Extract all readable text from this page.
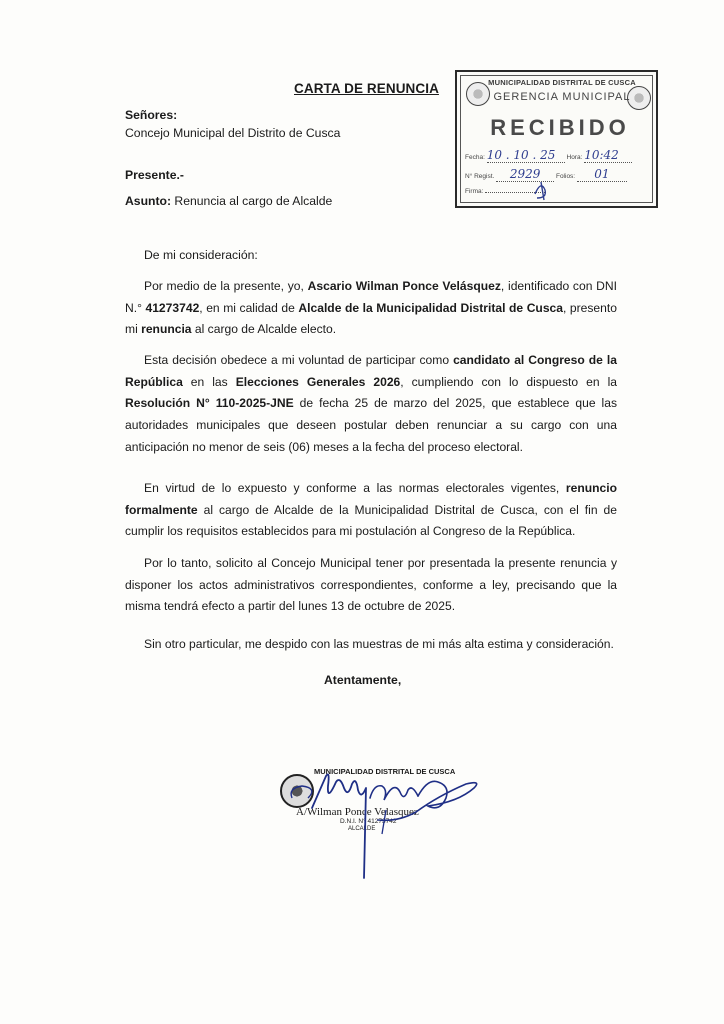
CARTA DE RENUNCIA
Señores:
Concejo Municipal del Distrito de Cusca
Presente.-
Asunto: Renuncia al cargo de Alcalde
De mi consideración:
Por medio de la presente, yo, Ascario Wilman Ponce Velásquez, identificado con DNI N.° 41273742, en mi calidad de Alcalde de la Municipalidad Distrital de Cusca, presento mi renuncia al cargo de Alcalde electo.
Esta decisión obedece a mi voluntad de participar como candidato al Congreso de la República en las Elecciones Generales 2026, cumpliendo con lo dispuesto en la Resolución N° 110-2025-JNE de fecha 25 de marzo del 2025, que establece que las autoridades municipales que deseen postular deben renunciar a su cargo con una anticipación no menor de seis (06) meses a la fecha del proceso electoral.
En virtud de lo expuesto y conforme a las normas electorales vigentes, renuncio formalmente al cargo de Alcalde de la Municipalidad Distrital de Cusca, con el fin de cumplir los requisitos establecidos para mi postulación al Congreso de la República.
Por lo tanto, solicito al Concejo Municipal tener por presentada la presente renuncia y disponer los actos administrativos correspondientes, conforme a ley, precisando que la misma tendrá efecto a partir del lunes 13 de octubre de 2025.
Sin otro particular, me despido con las muestras de mi más alta estima y consideración.
Atentamente,
MUNICIPALIDAD DISTRITAL DE CUSCA
GERENCIA MUNICIPAL
RECIBIDO
Fecha: 10 . 10 . 25 Hora: 10:42
N° Regist. 2929 Folios: 01
Firma:
MUNICIPALIDAD DISTRITAL DE CUSCA
A/Wilman Ponce Velasquez
D.N.I. N° 41273742
ALCALDE
